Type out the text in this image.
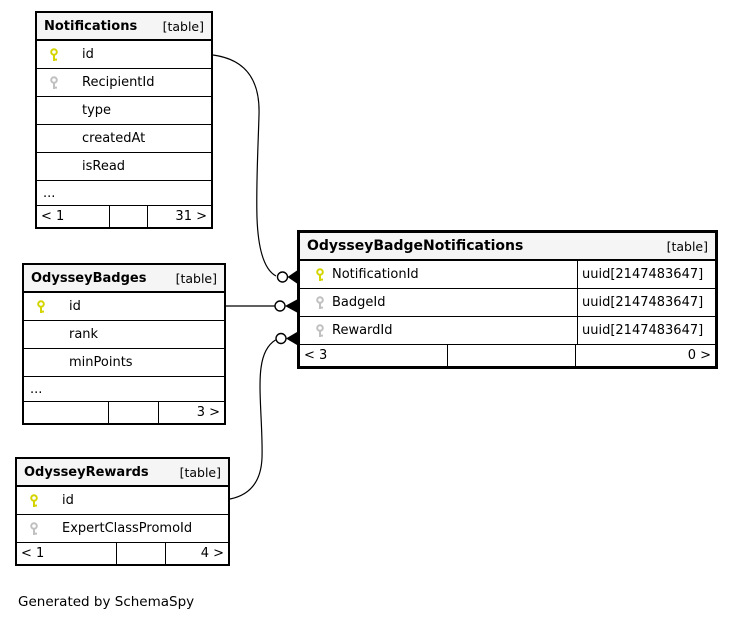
Notifications [table]
id
RecipientId
type
createdAt
isRead
...
< 1	31 >
OdysseyBadges [table]
id
rank
minPoints
...
3 >
OdysseyRewards [table]
id
ExpertClassPromoId
< 1	4 >
OdysseyBadgeNotifications	[table]
NotificationId	uuid[2147483647]
BadgeId	uuid[2147483647]
RewardId	uuid[2147483647]
< 3	0 >
Generated by SchemaSpy
